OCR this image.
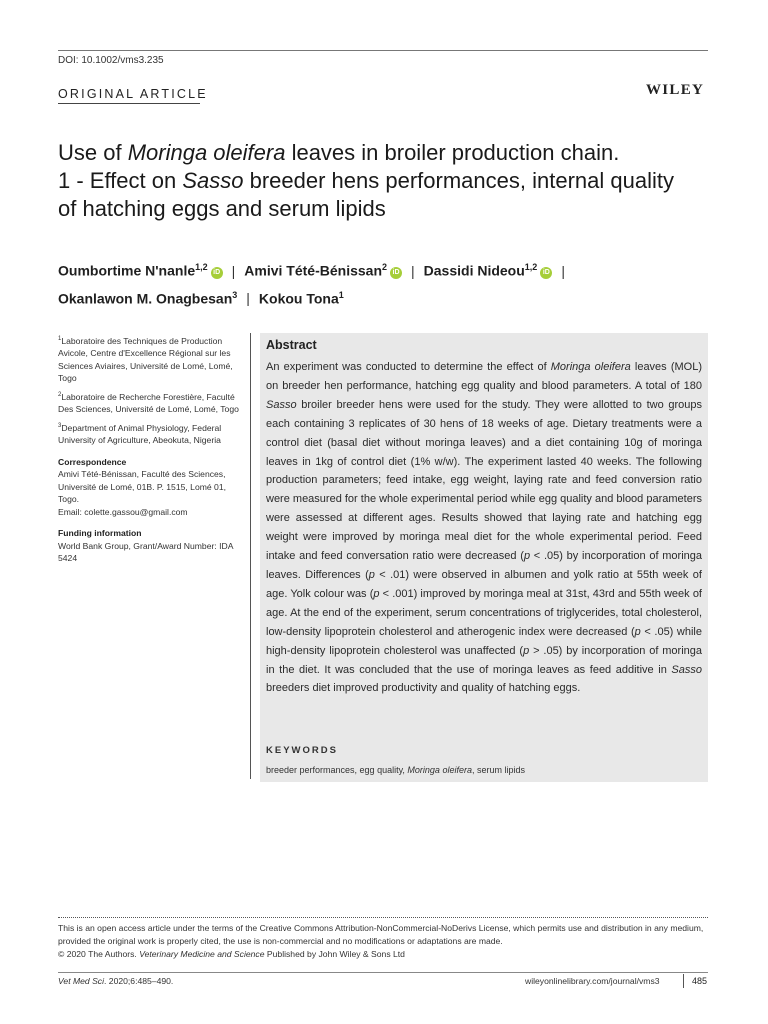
DOI: 10.1002/vms3.235
ORIGINAL ARTICLE	WILEY
Use of Moringa oleifera leaves in broiler production chain.
1 - Effect on Sasso breeder hens performances, internal quality
of hatching eggs and serum lipids
Oumbortime N'nanle$^{1,2}$iD | Amivi Tété-Bénissan$^2$iD | Dassidi Nideou$^{1,2}$iD |
Okanlawon M. Onagbesan$^3$ | Kokou Tona$^1$

$^1$Laboratoire des Techniques de Production Avicole, Centre d'Excellence Régional sur les Sciences Aviaires, Université de Lomé, Lomé, Togo

$^2$Laboratoire de Recherche Forestière, Faculté Des Sciences, Université de Lomé, Lomé, Togo

$^3$Department of Animal Physiology, Federal University of Agriculture, Abeokuta, Nigeria

Correspondence

Amivi Tété-Bénissan, Faculté des Sciences, Université de Lomé, 01B. P. 1515, Lomé 01, Togo.

Email: colette.gassou@gmail.com

Funding information

World Bank Group, Grant/Award Number: IDA 5424

Abstract
An experiment was conducted to determine the effect of Moringa oleifera leaves (MOL) on breeder hen performance, hatching egg quality and blood parameters. A total of 180 Sasso broiler breeder hens were used for the study. They were allotted to two groups each containing 3 replicates of 30 hens of 18 weeks of age. Dietary treatments were a control diet (basal diet without moringa leaves) and a diet containing 10g of moringa leaves in 1kg of control diet (1% w/w). The experiment lasted 40 weeks. The following production parameters; feed intake, egg weight, laying rate and feed conversion ratio were measured for the whole experimental period while egg quality and blood parameters were assessed at different ages. Results showed that laying rate and hatching egg weight were improved by moringa meal diet for the whole experimental period. Feed intake and feed conversation ratio were decreased (p < .05) by incorporation of moringa leaves. Differences (p < .01) were observed in albumen and yolk ratio at 55th week of age. Yolk colour was (p < .001) improved by moringa meal at 31st, 43rd and 55th week of age. At the end of the experiment, serum concentrations of triglycerides, total cholesterol, low-density lipoprotein cholesterol and atherogenic index were decreased (p < .05) while high-density lipoprotein cholesterol was unaffected (p > .05) by incorporation of moringa in the diet. It was concluded that the use of moringa leaves as feed additive in Sasso breeders diet improved productivity and quality of hatching eggs.
KEYWORDS
breeder performances, egg quality, Moringa oleifera, serum lipids
This is an open access article under the terms of the Creative Commons Attribution-NonCommercial-NoDerivs License, which permits use and distribution in any medium, provided the original work is properly cited, the use is non-commercial and no modifications or adaptations are made.
© 2020 The Authors. Veterinary Medicine and Science Published by John Wiley & Sons Ltd
Vet Med Sci. 2020;6:485–490.	wileyonlinelibrary.com/journal/vms3	485
